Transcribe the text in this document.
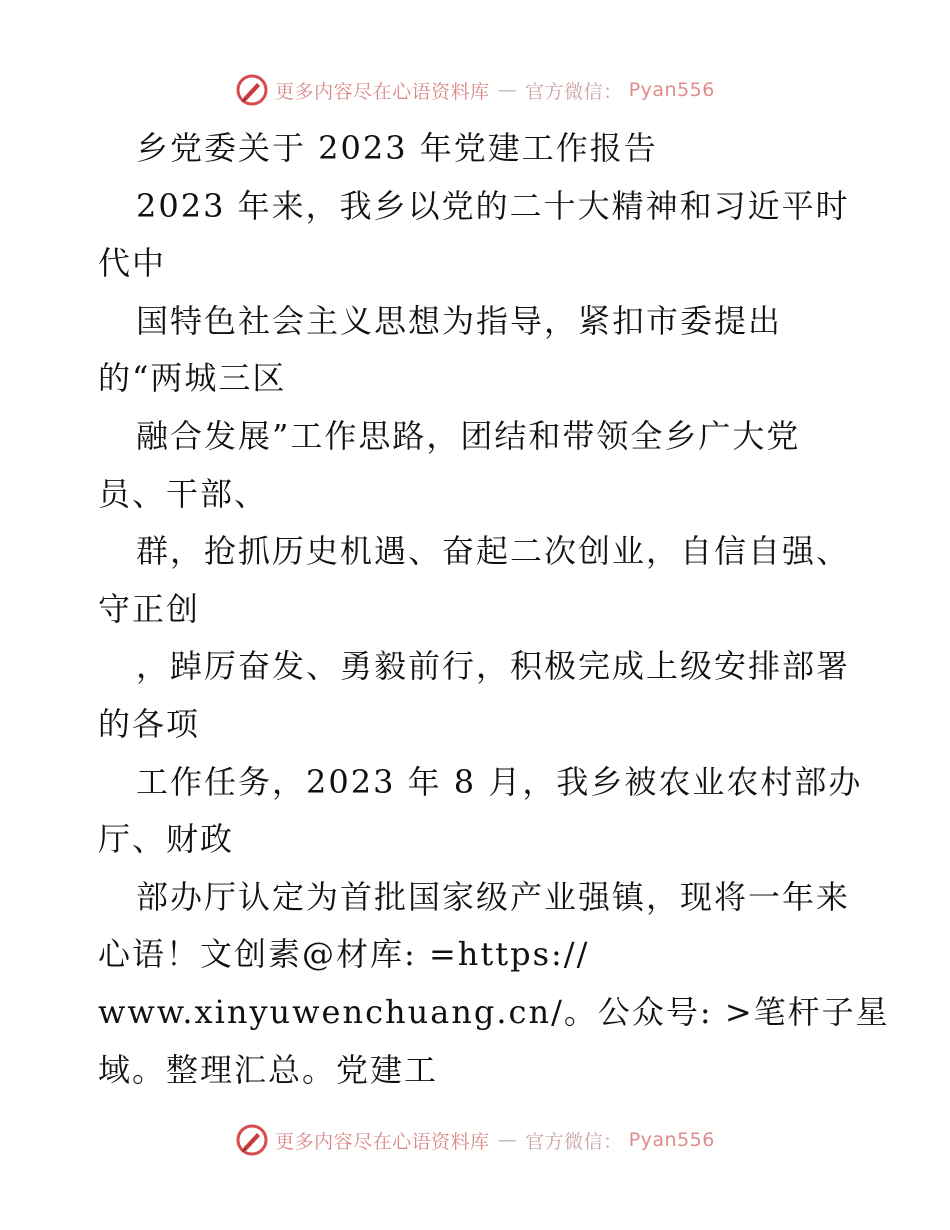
更多内容尽在心语资料库 — 官方微信： Pyan556
乡党委关于 2023 年党建工作报告
2023 年来，我乡以党的二十大精神和习近平时
代中
国特色社会主义思想为指导，紧扣市委提出
的“两城三区
融合发展”工作思路，团结和带领全乡广大党
员、干部、
群，抢抓历史机遇、奋起二次创业，自信自强、
守正创
，踔厉奋发、勇毅前行，积极完成上级安排部署
的各项
工作任务，2023 年 8 月，我乡被农业农村部办
厅、财政
部办厅认定为首批国家级产业强镇，现将一年来
心语！文创素@材库: =https://
www.xinyuwenchuang.cn/。公众号: >笔杆子星
域。整理汇总。党建工
更多内容尽在心语资料库 — 官方微信： Pyan556
